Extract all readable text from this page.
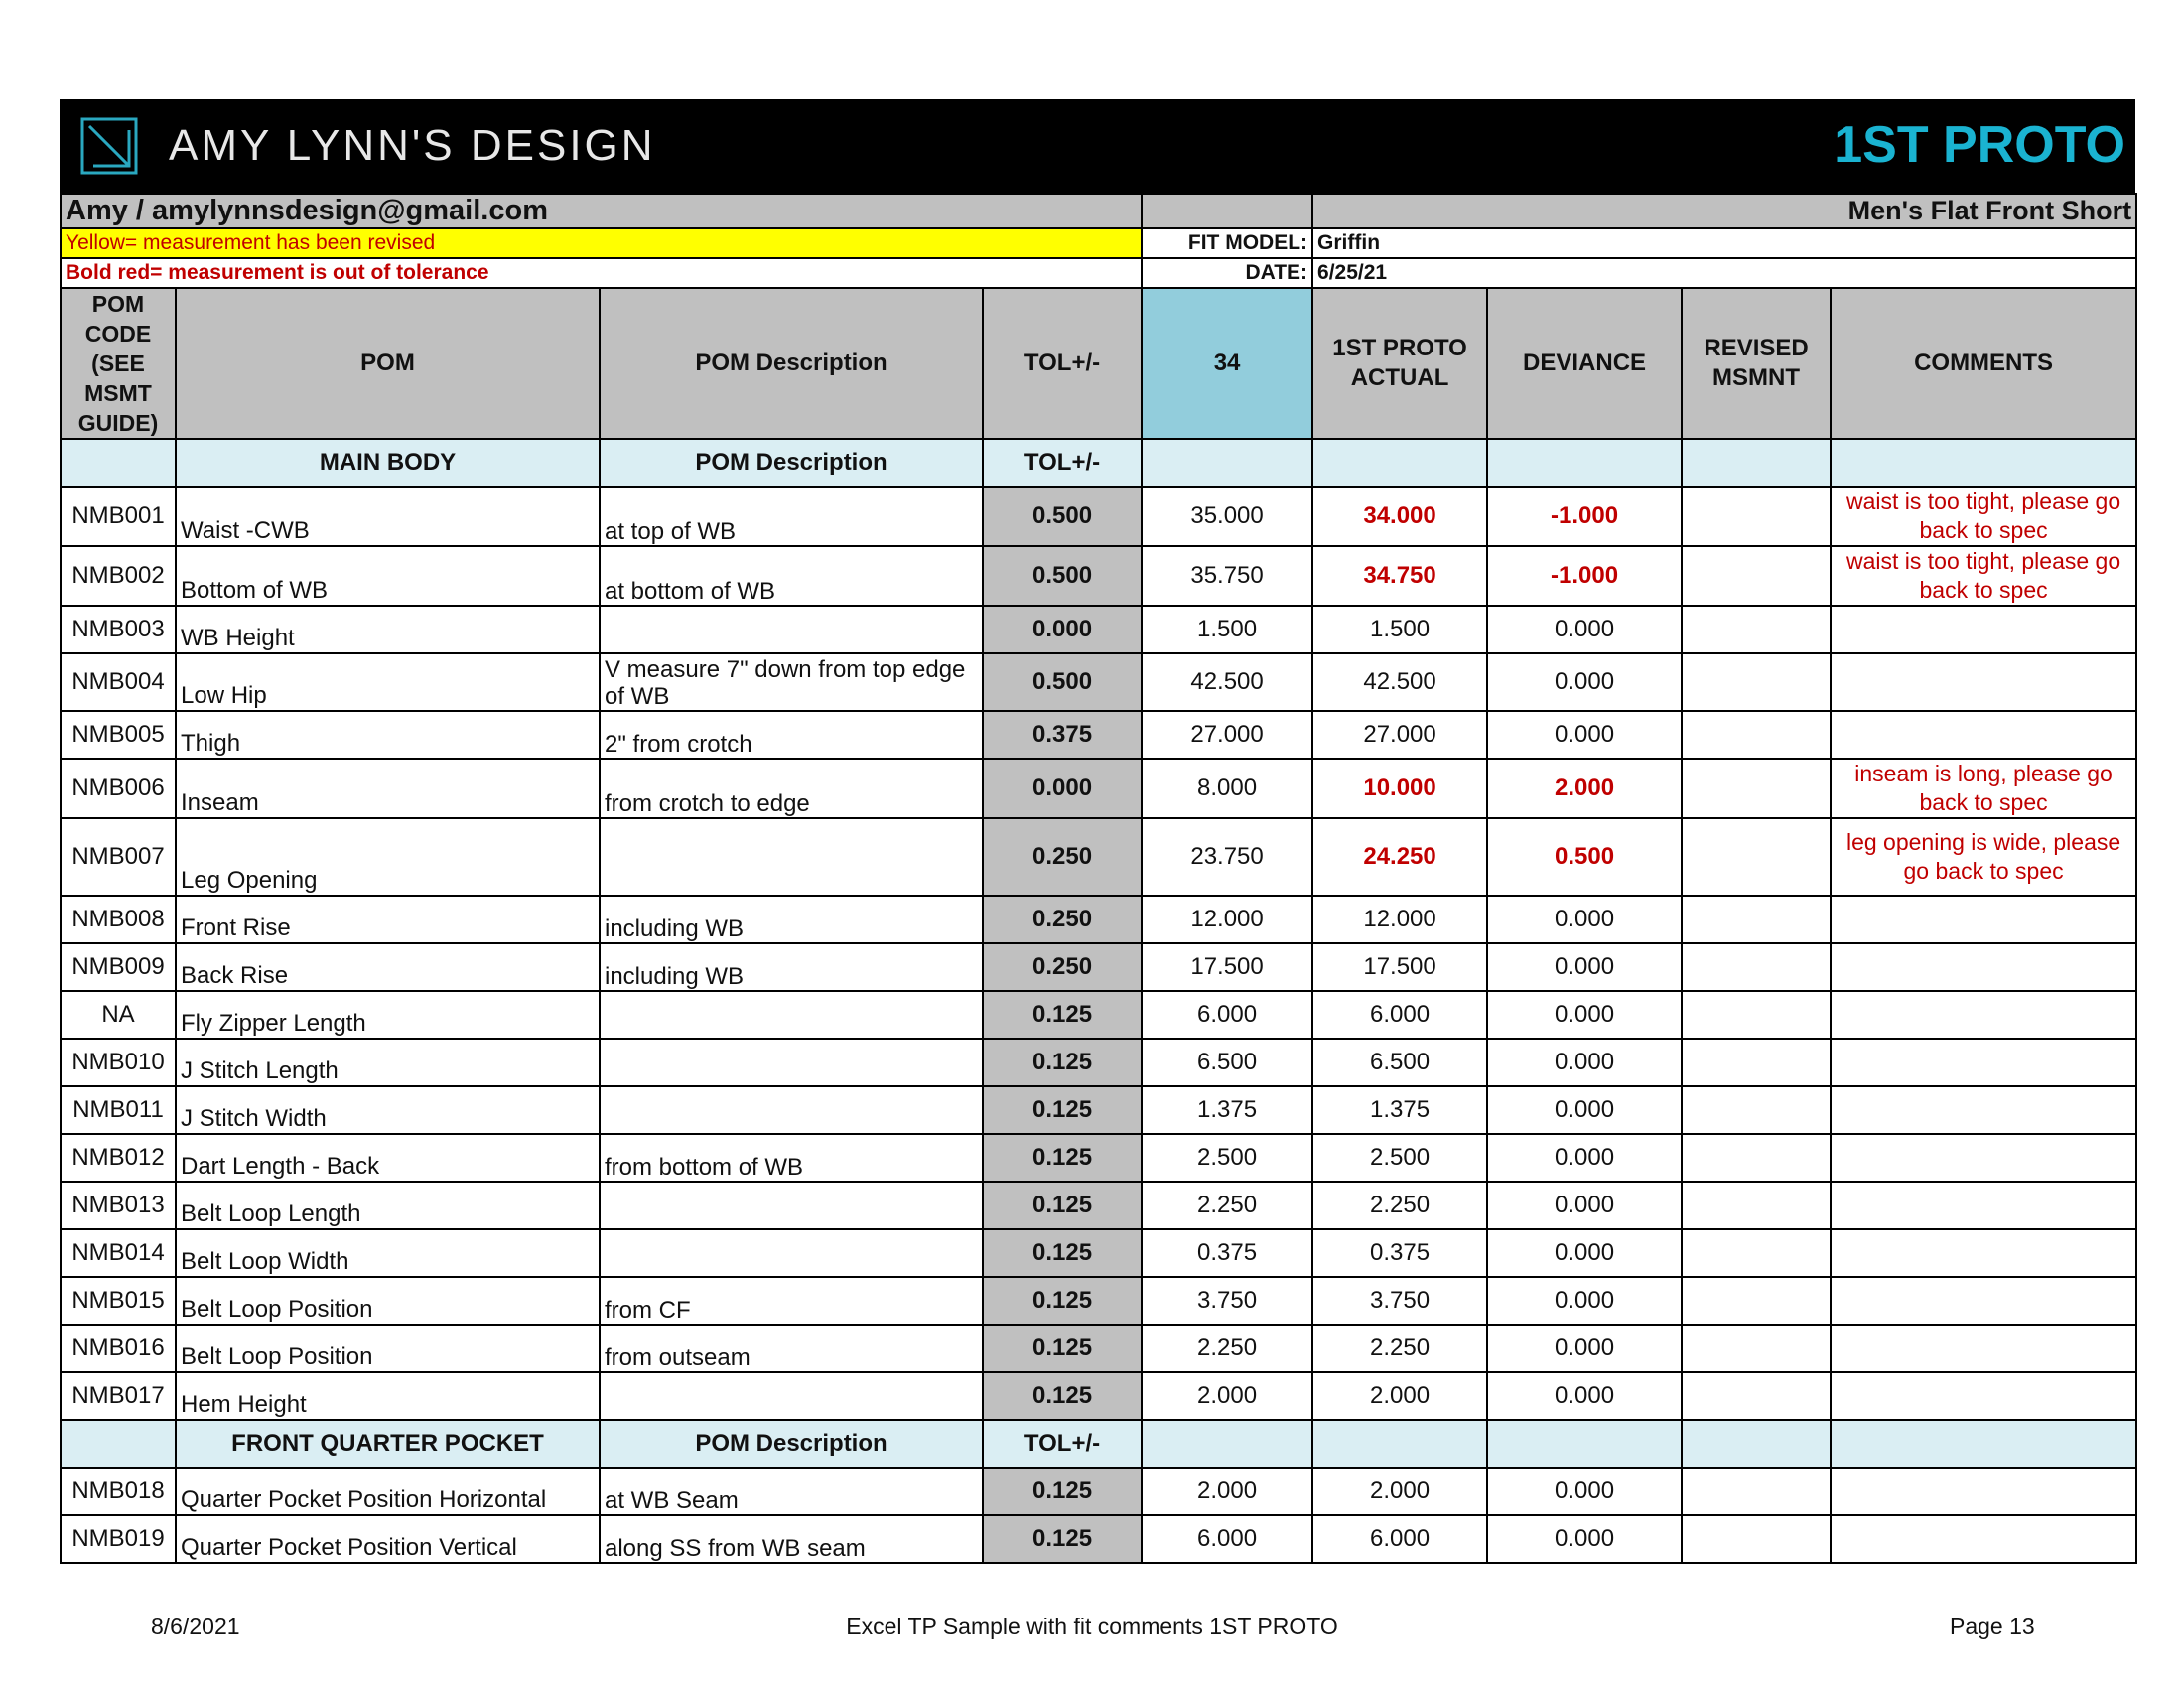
AMY LYNN'S DESIGN	1ST PROTO
Amy / amylynnsdesign@gmail.com					Men's Flat Front Short			
Yellow= measurement has been revised				FIT MODEL:	Griffin			
Bold red= measurement is out of tolerance				DATE:	6/25/21			
POM CODE (SEE MSMT GUIDE)	POM	POM Description	TOL+/-	34	1ST PROTO ACTUAL	DEVIANCE	REVISED MSMNT	COMMENTS
	MAIN BODY	POM Description	TOL+/-					
NMB001	Waist -CWB	at top of WB	0.500	35.000	34.000	-1.000		waist is too tight, please go back to spec
NMB002	Bottom of WB	at bottom of WB	0.500	35.750	34.750	-1.000		waist is too tight, please go back to spec
NMB003	WB Height		0.000	1.500	1.500	0.000		
NMB004	Low Hip	V measure 7" down from top edge of WB	0.500	42.500	42.500	0.000		
NMB005	Thigh	2" from crotch	0.375	27.000	27.000	0.000		
NMB006	Inseam	from crotch to edge	0.000	8.000	10.000	2.000		inseam is long, please go back to spec
NMB007	Leg Opening		0.250	23.750	24.250	0.500		leg opening is wide, please go back to spec
NMB008	Front Rise	including WB	0.250	12.000	12.000	0.000		
NMB009	Back Rise	including WB	0.250	17.500	17.500	0.000		
NA	Fly Zipper Length		0.125	6.000	6.000	0.000		
NMB010	J Stitch Length		0.125	6.500	6.500	0.000		
NMB011	J Stitch Width		0.125	1.375	1.375	0.000		
NMB012	Dart Length - Back	from bottom of WB	0.125	2.500	2.500	0.000		
NMB013	Belt Loop Length		0.125	2.250	2.250	0.000		
NMB014	Belt Loop Width		0.125	0.375	0.375	0.000		
NMB015	Belt Loop Position	from CF	0.125	3.750	3.750	0.000		
NMB016	Belt Loop Position	from outseam	0.125	2.250	2.250	0.000		
NMB017	Hem Height		0.125	2.000	2.000	0.000		
	FRONT QUARTER POCKET	POM Description	TOL+/-					
NMB018	Quarter Pocket Position Horizontal	at WB Seam	0.125	2.000	2.000	0.000		
NMB019	Quarter Pocket Position Vertical	along SS from WB seam	0.125	6.000	6.000	0.000		
8/6/2021	Excel TP Sample with fit comments 1ST PROTO	Page 13
